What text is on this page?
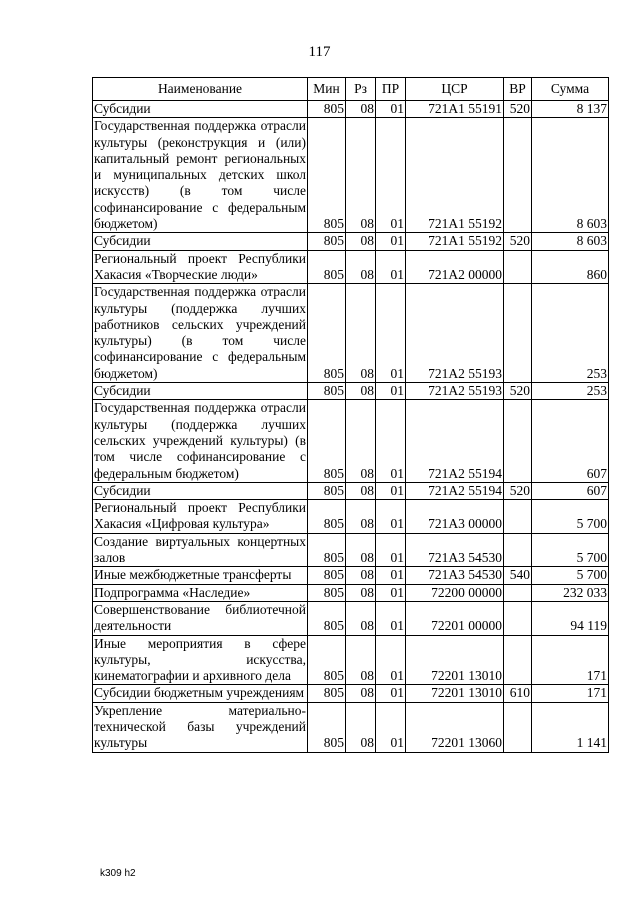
117
Наименование	Мин	Рз	ПР	ЦСР	ВР	Сумма
Субсидии	805	08	01	721A1 55191	520	8 137
Государственная поддержка отрасли культуры (реконструкция и (или) капитальный ремонт региональных и муниципальных детских школ искусств) (в том числе софинансирование с федеральным бюджетом)	805	08	01	721A1 55192		8 603
Субсидии	805	08	01	721A1 55192	520	8 603
Региональный проект Республики Хакасия «Творческие люди»	805	08	01	721A2 00000		860
Государственная поддержка отрасли культуры (поддержка лучших работников сельских учреждений культуры) (в том числе софинансирование с федеральным бюджетом)	805	08	01	721A2 55193		253
Субсидии	805	08	01	721A2 55193	520	253
Государственная поддержка отрасли культуры (поддержка лучших сельских учреждений культуры) (в том числе софинансирование с федеральным бюджетом)	805	08	01	721A2 55194		607
Субсидии	805	08	01	721A2 55194	520	607
Региональный проект Республики Хакасия «Цифровая культура»	805	08	01	721A3 00000		5 700
Создание виртуальных концертных залов	805	08	01	721A3 54530		5 700
Иные межбюджетные трансферты	805	08	01	721A3 54530	540	5 700
Подпрограмма «Наследие»	805	08	01	72200 00000		232 033
Совершенствование библиотечной деятельности	805	08	01	72201 00000		94 119
Иные мероприятия в сфере культуры, искусства, кинематографии и архивного дела	805	08	01	72201 13010		171
Субсидии бюджетным учреждениям	805	08	01	72201 13010	610	171
Укрепление материально-технической базы учреждений культуры	805	08	01	72201 13060		1 141
k309 h2
